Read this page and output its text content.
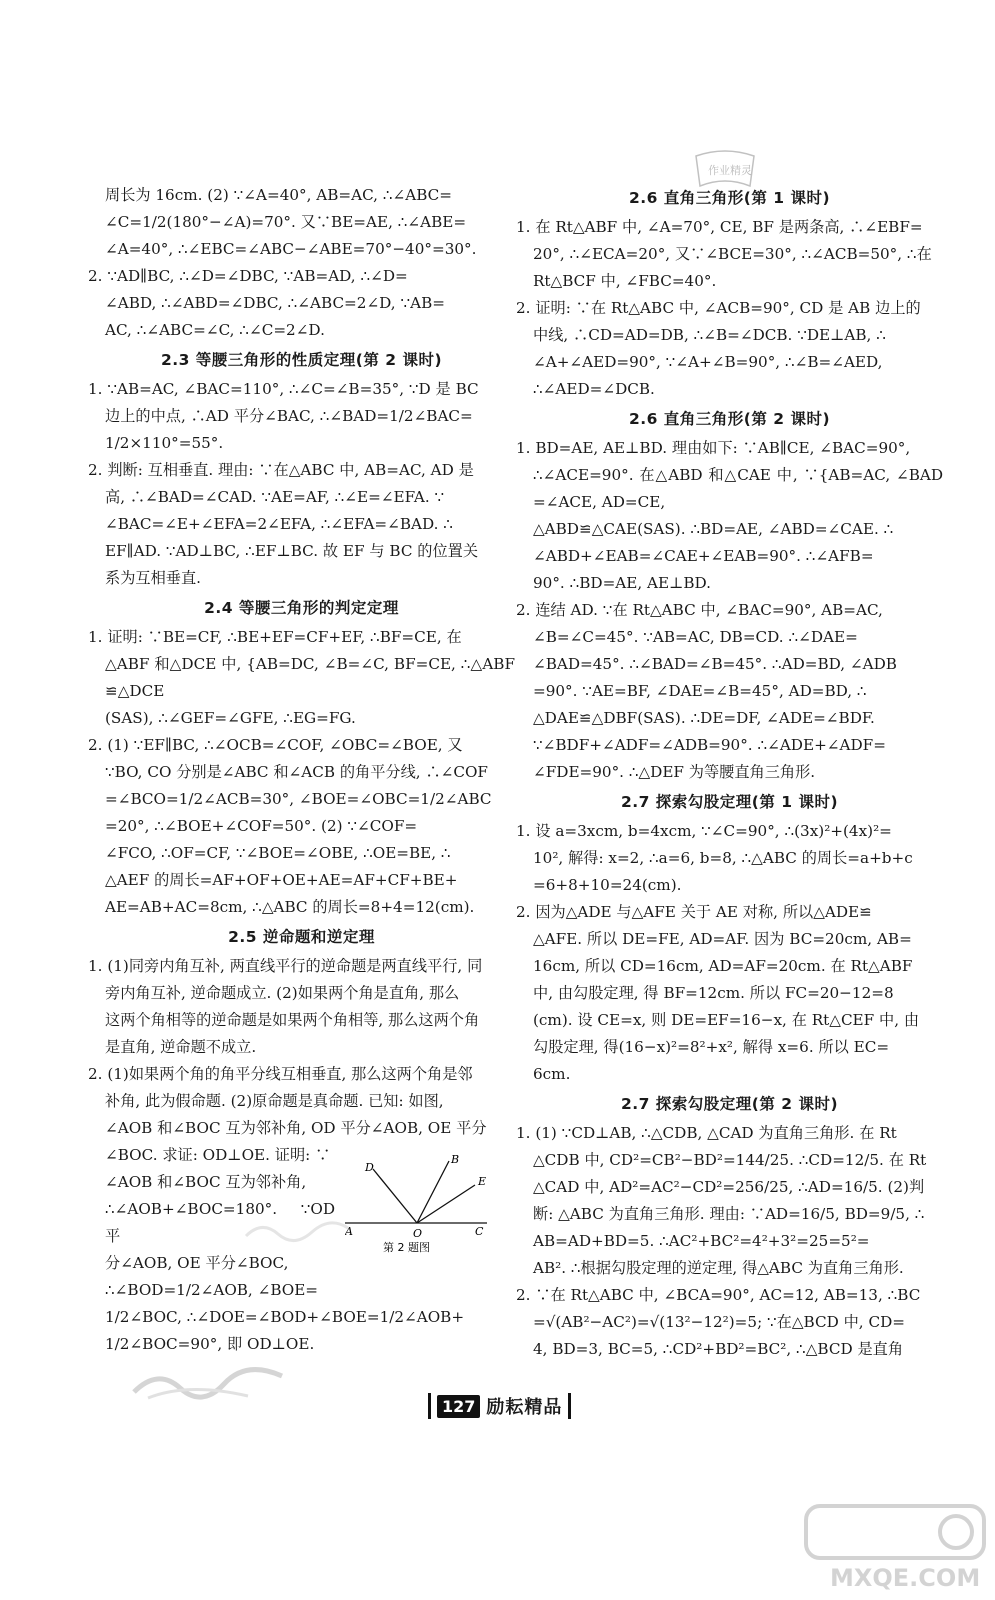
周长为 16cm. (2) ∵∠A=40°, AB=AC, ∴∠ABC=

∠C=1/2(180°−∠A)=70°. 又∵BE=AE, ∴∠ABE=

∠A=40°, ∴∠EBC=∠ABC−∠ABE=70°−40°=30°.

2. ∵AD∥BC, ∴∠D=∠DBC, ∵AB=AD, ∴∠D=

∠ABD, ∴∠ABD=∠DBC, ∴∠ABC=2∠D, ∵AB=

AC, ∴∠ABC=∠C, ∴∠C=2∠D.

2.3 等腰三角形的性质定理(第 2 课时)

1. ∵AB=AC, ∠BAC=110°, ∴∠C=∠B=35°, ∵D 是 BC

边上的中点, ∴AD 平分∠BAC, ∴∠BAD=1/2∠BAC=

1/2×110°=55°.

2. 判断: 互相垂直. 理由: ∵在△ABC 中, AB=AC, AD 是

高, ∴∠BAD=∠CAD. ∵AE=AF, ∴∠E=∠EFA. ∵

∠BAC=∠E+∠EFA=2∠EFA, ∴∠EFA=∠BAD. ∴

EF∥AD. ∵AD⊥BC, ∴EF⊥BC. 故 EF 与 BC 的位置关

系为互相垂直.

2.4 等腰三角形的判定定理

1. 证明: ∵BE=CF, ∴BE+EF=CF+EF, ∴BF=CE, 在

△ABF 和△DCE 中, {AB=DC, ∠B=∠C, BF=CE, ∴△ABF≌△DCE

(SAS), ∴∠GEF=∠GFE, ∴EG=FG.

2. (1) ∵EF∥BC, ∴∠OCB=∠COF, ∠OBC=∠BOE, 又

∵BO, CO 分别是∠ABC 和∠ACB 的角平分线, ∴∠COF

=∠BCO=1/2∠ACB=30°, ∠BOE=∠OBC=1/2∠ABC

=20°, ∴∠BOE+∠COF=50°. (2) ∵∠COF=

∠FCO, ∴OF=CF, ∵∠BOE=∠OBE, ∴OE=BE, ∴

△AEF 的周长=AF+OF+OE+AE=AF+CF+BE+

AE=AB+AC=8cm, ∴△ABC 的周长=8+4=12(cm).

2.5 逆命题和逆定理

1. (1)同旁内角互补, 两直线平行的逆命题是两直线平行, 同

旁内角互补, 逆命题成立. (2)如果两个角是直角, 那么

这两个角相等的逆命题是如果两个角相等, 那么这两个角

是直角, 逆命题不成立.

2. (1)如果两个角的角平分线互相垂直, 那么这两个角是邻

补角, 此为假命题. (2)原命题是真命题. 已知: 如图,

∠AOB 和∠BOC 互为邻补角, OD 平分∠AOB, OE 平分

∠BOC. 求证: OD⊥OE. 证明: ∵

∠AOB 和∠BOC 互为邻补角,

∴∠AOB+∠BOC=180°. ∵OD 平

分∠AOB, OE 平分∠BOC,

∴∠BOD=1/2∠AOB, ∠BOE=

1/2∠BOC, ∴∠DOE=∠BOD+∠BOE=1/2∠AOB+

1/2∠BOC=90°, 即 OD⊥OE.

A	O	C
D
B
E
第 2 题图
2.6 直角三角形(第 1 课时)

1. 在 Rt△ABF 中, ∠A=70°, CE, BF 是两条高, ∴∠EBF=

20°, ∴∠ECA=20°, 又∵∠BCE=30°, ∴∠ACB=50°, ∴在

Rt△BCF 中, ∠FBC=40°.

2. 证明: ∵在 Rt△ABC 中, ∠ACB=90°, CD 是 AB 边上的

中线, ∴CD=AD=DB, ∴∠B=∠DCB. ∵DE⊥AB, ∴

∠A+∠AED=90°, ∵∠A+∠B=90°, ∴∠B=∠AED,

∴∠AED=∠DCB.

2.6 直角三角形(第 2 课时)

1. BD=AE, AE⊥BD. 理由如下: ∵AB∥CE, ∠BAC=90°,

∴∠ACE=90°. 在△ABD 和△CAE 中, ∵{AB=AC, ∠BAD=∠ACE, AD=CE,

△ABD≌△CAE(SAS). ∴BD=AE, ∠ABD=∠CAE. ∴

∠ABD+∠EAB=∠CAE+∠EAB=90°. ∴∠AFB=

90°. ∴BD=AE, AE⊥BD.

2. 连结 AD. ∵在 Rt△ABC 中, ∠BAC=90°, AB=AC,

∠B=∠C=45°. ∵AB=AC, DB=CD. ∴∠DAE=

∠BAD=45°. ∴∠BAD=∠B=45°. ∴AD=BD, ∠ADB

=90°. ∵AE=BF, ∠DAE=∠B=45°, AD=BD, ∴

△DAE≌△DBF(SAS). ∴DE=DF, ∠ADE=∠BDF.

∵∠BDF+∠ADF=∠ADB=90°. ∴∠ADE+∠ADF=

∠FDE=90°. ∴△DEF 为等腰直角三角形.

2.7 探索勾股定理(第 1 课时)

1. 设 a=3xcm, b=4xcm, ∵∠C=90°, ∴(3x)²+(4x)²=

10², 解得: x=2, ∴a=6, b=8, ∴△ABC 的周长=a+b+c

=6+8+10=24(cm).

2. 因为△ADE 与△AFE 关于 AE 对称, 所以△ADE≌

△AFE. 所以 DE=FE, AD=AF. 因为 BC=20cm, AB=

16cm, 所以 CD=16cm, AD=AF=20cm. 在 Rt△ABF

中, 由勾股定理, 得 BF=12cm. 所以 FC=20−12=8

(cm). 设 CE=x, 则 DE=EF=16−x, 在 Rt△CEF 中, 由

勾股定理, 得(16−x)²=8²+x², 解得 x=6. 所以 EC=

6cm.

2.7 探索勾股定理(第 2 课时)

1. (1) ∵CD⊥AB, ∴△CDB, △CAD 为直角三角形. 在 Rt

△CDB 中, CD²=CB²−BD²=144/25. ∴CD=12/5. 在 Rt

△CAD 中, AD²=AC²−CD²=256/25, ∴AD=16/5. (2)判

断: △ABC 为直角三角形. 理由: ∵AD=16/5, BD=9/5, ∴

AB=AD+BD=5. ∴AC²+BC²=4²+3²=25=5²=

AB². ∴根据勾股定理的逆定理, 得△ABC 为直角三角形.

2. ∵在 Rt△ABC 中, ∠BCA=90°, AC=12, AB=13, ∴BC

=√(AB²−AC²)=√(13²−12²)=5; ∵在△BCD 中, CD=

4, BD=3, BC=5, ∴CD²+BD²=BC², ∴△BCD 是直角

作业精灵
127 励耘精品
MXQE.COM
